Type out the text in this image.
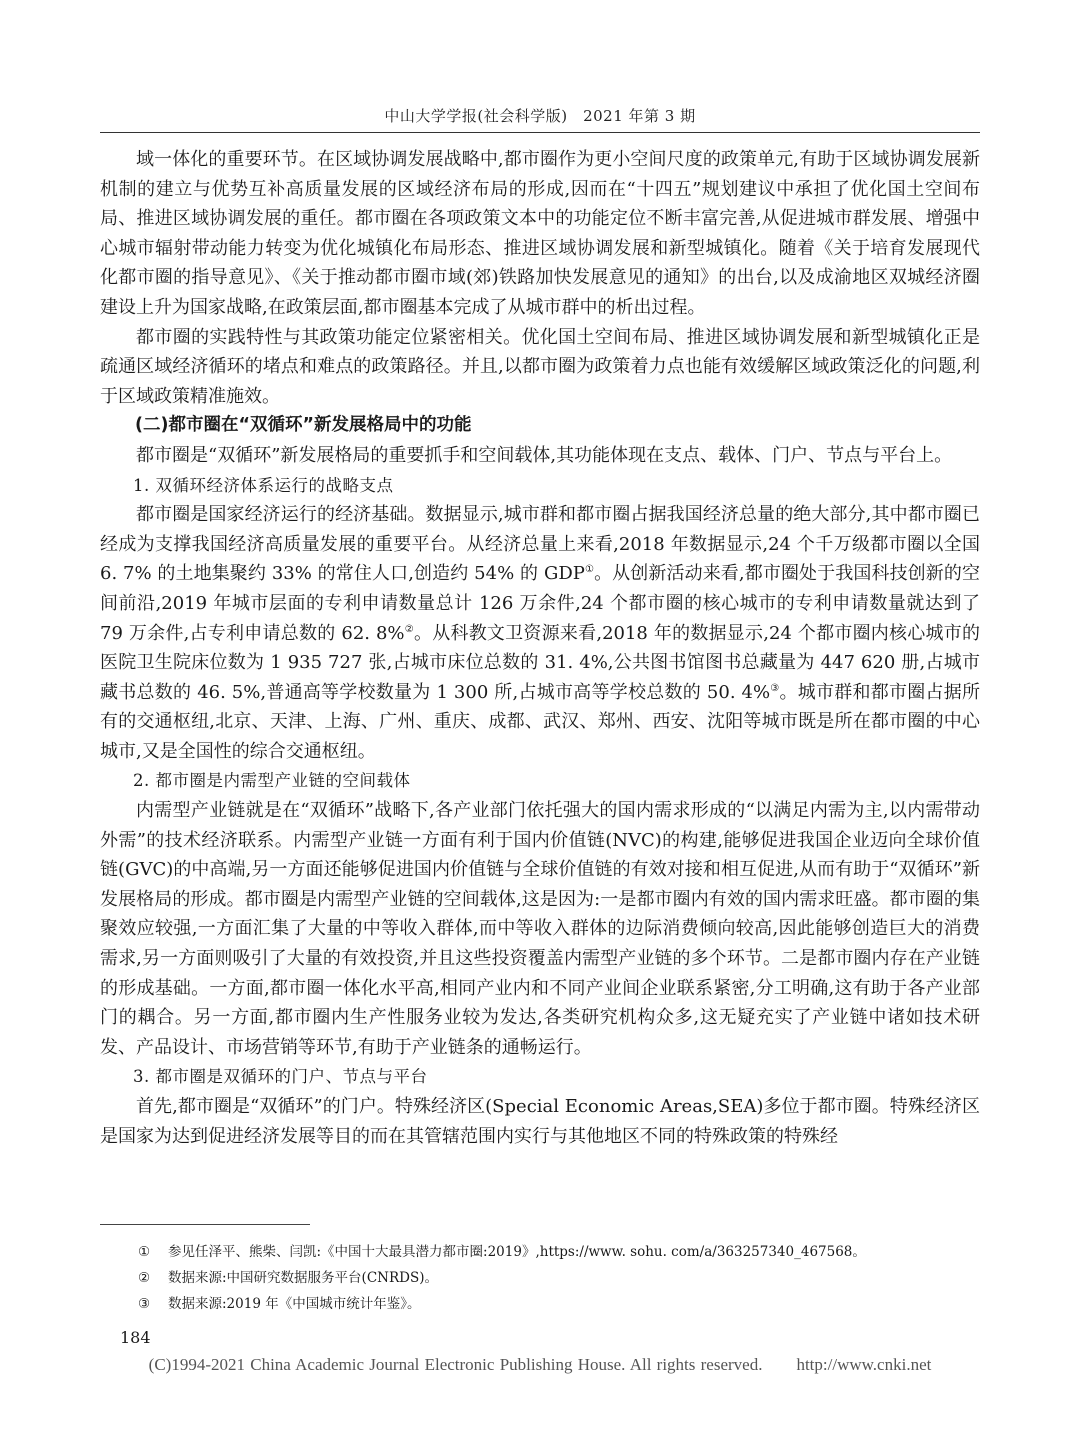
中山大学学报(社会科学版)　2021 年第 3 期

域一体化的重要环节。在区域协调发展战略中,都市圈作为更小空间尺度的政策单元,有助于区域协调发展新机制的建立与优势互补高质量发展的区域经济布局的形成,因而在“十四五”规划建议中承担了优化国土空间布局、推进区域协调发展的重任。都市圈在各项政策文本中的功能定位不断丰富完善,从促进城市群发展、增强中心城市辐射带动能力转变为优化城镇化布局形态、推进区域协调发展和新型城镇化。随着《关于培育发展现代化都市圈的指导意见》、《关于推动都市圈市域(郊)铁路加快发展意见的通知》的出台,以及成渝地区双城经济圈建设上升为国家战略,在政策层面,都市圈基本完成了从城市群中的析出过程。

都市圈的实践特性与其政策功能定位紧密相关。优化国土空间布局、推进区域协调发展和新型城镇化正是疏通区域经济循环的堵点和难点的政策路径。并且,以都市圈为政策着力点也能有效缓解区域政策泛化的问题,利于区域政策精准施效。

(二)都市圈在“双循环”新发展格局中的功能

都市圈是“双循环”新发展格局的重要抓手和空间载体,其功能体现在支点、载体、门户、节点与平台上。

1. 双循环经济体系运行的战略支点

都市圈是国家经济运行的经济基础。数据显示,城市群和都市圈占据我国经济总量的绝大部分,其中都市圈已经成为支撑我国经济高质量发展的重要平台。从经济总量上来看,2018 年数据显示,24 个千万级都市圈以全国 6. 7% 的土地集聚约 33% 的常住人口,创造约 54% 的 GDP①。从创新活动来看,都市圈处于我国科技创新的空间前沿,2019 年城市层面的专利申请数量总计 126 万余件,24 个都市圈的核心城市的专利申请数量就达到了 79 万余件,占专利申请总数的 62. 8%②。从科教文卫资源来看,2018 年的数据显示,24 个都市圈内核心城市的医院卫生院床位数为 1 935 727 张,占城市床位总数的 31. 4%,公共图书馆图书总藏量为 447 620 册,占城市藏书总数的 46. 5%,普通高等学校数量为 1 300 所,占城市高等学校总数的 50. 4%③。城市群和都市圈占据所有的交通枢纽,北京、天津、上海、广州、重庆、成都、武汉、郑州、西安、沈阳等城市既是所在都市圈的中心城市,又是全国性的综合交通枢纽。

2. 都市圈是内需型产业链的空间载体

内需型产业链就是在“双循环”战略下,各产业部门依托强大的国内需求形成的“以满足内需为主,以内需带动外需”的技术经济联系。内需型产业链一方面有利于国内价值链(NVC)的构建,能够促进我国企业迈向全球价值链(GVC)的中高端,另一方面还能够促进国内价值链与全球价值链的有效对接和相互促进,从而有助于“双循环”新发展格局的形成。都市圈是内需型产业链的空间载体,这是因为:一是都市圈内有效的国内需求旺盛。都市圈的集聚效应较强,一方面汇集了大量的中等收入群体,而中等收入群体的边际消费倾向较高,因此能够创造巨大的消费需求,另一方面则吸引了大量的有效投资,并且这些投资覆盖内需型产业链的多个环节。二是都市圈内存在产业链的形成基础。一方面,都市圈一体化水平高,相同产业内和不同产业间企业联系紧密,分工明确,这有助于各产业部门的耦合。另一方面,都市圈内生产性服务业较为发达,各类研究机构众多,这无疑充实了产业链中诸如技术研发、产品设计、市场营销等环节,有助于产业链条的通畅运行。

3. 都市圈是双循环的门户、节点与平台

首先,都市圈是“双循环”的门户。特殊经济区(Special Economic Areas,SEA)多位于都市圈。特殊经济区是国家为达到促进经济发展等目的而在其管辖范围内实行与其他地区不同的特殊政策的特殊经

① 参见任泽平、熊柴、闫凯:《中国十大最具潜力都市圈:2019》,https://www. sohu. com/a/363257340_467568。

② 数据来源:中国研究数据服务平台(CNRDS)。

③ 数据来源:2019 年《中国城市统计年鉴》。

184
(C)1994-2021 China Academic Journal Electronic Publishing House. All rights reserved.　　http://www.cnki.net
